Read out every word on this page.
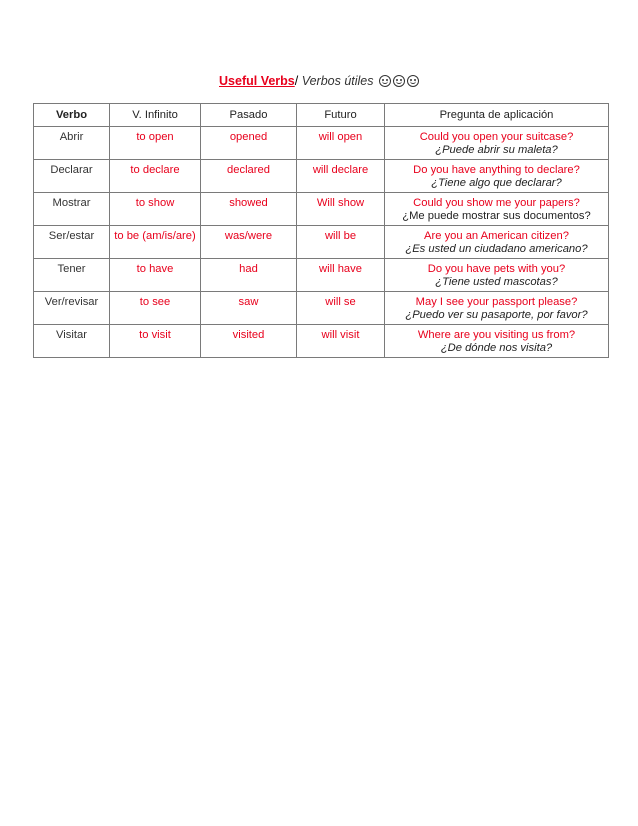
Useful Verbs/ Verbos útiles
Verbo	V. Infinito	Pasado	Futuro	Pregunta de aplicación
Abrir	to open	opened	will open	Could you open your suitcase?
¿Puede abrir su maleta?

Declarar	to declare	declared	will declare	Do you have anything to declare?
¿Tiene algo que declarar?

Mostrar	to show	showed	Will show	Could you show me your papers?
¿Me puede mostrar sus documentos?

Ser/estar	to be (am/is/are)	was/were	will be	Are you an American citizen?
¿Es usted un ciudadano americano?

Tener	to have	had	will have	Do you have pets with you?
¿Tiene usted mascotas?

Ver/revisar	to see	saw	will se	May I see your passport please?
¿Puedo ver su pasaporte, por favor?

Visitar	to visit	visited	will visit	Where are you visiting us from?
¿De dónde nos visita?
